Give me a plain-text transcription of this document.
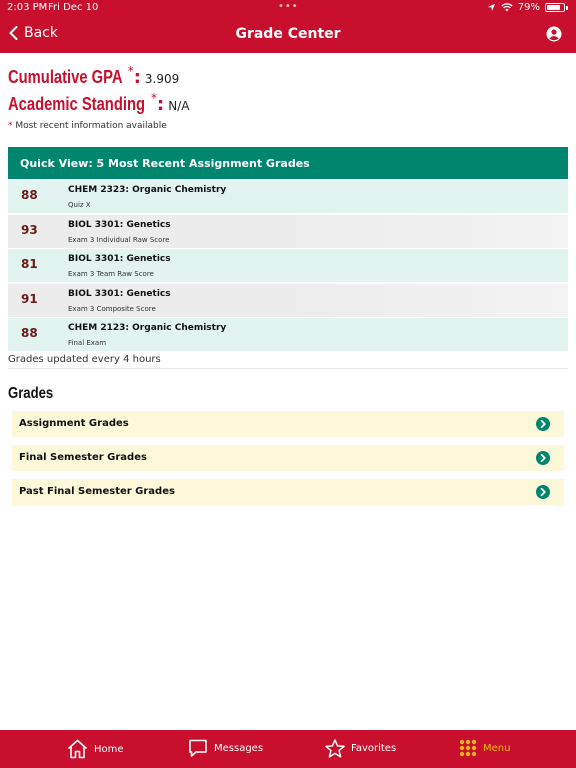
2:03 PM Fri Dec 10	•••	79%
Back	Grade Center
Cumulative GPA * : 3.909
Academic Standing * : N/A
* Most recent information available
Quick View: 5 Most Recent Assignment Grades
88	CHEM 2323: Organic Chemistry
Quiz X
93	BIOL 3301: Genetics
Exam 3 Individual Raw Score
81	BIOL 3301: Genetics
Exam 3 Team Raw Score
91	BIOL 3301: Genetics
Exam 3 Composite Score
88	CHEM 2123: Organic Chemistry
Final Exam
Grades updated every 4 hours
Grades
Assignment Grades
Final Semester Grades
Past Final Semester Grades
Home	Messages	Favorites	Menu
